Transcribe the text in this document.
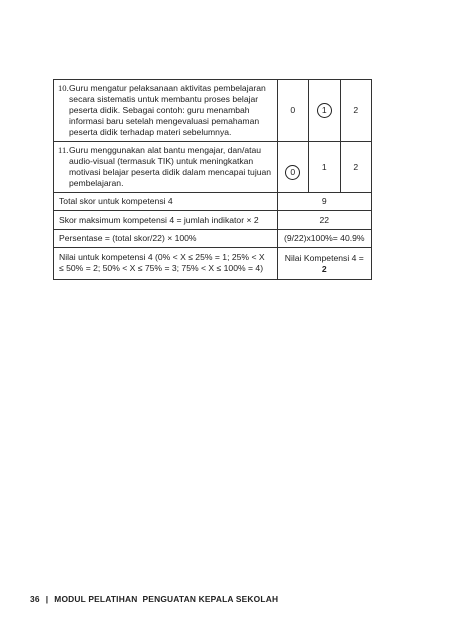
10. Guru mengatur pelaksanaan aktivitas pembelajaran secara sistematis untuk membantu proses belajar peserta didik. Sebagai contoh: guru menambah informasi baru setelah mengevaluasi pemahaman peserta didik terhadap materi sebelumnya.	0	1	2

11. Guru menggunakan alat bantu mengajar, dan/atau audio-visual (termasuk TIK) untuk meningkatkan motivasi belajar peserta didik dalam mencapai tujuan pembelajaran.	0	1	2
Total skor untuk kompetensi 4	9		
Skor maksimum kompetensi 4 = jumlah indikator × 2	22		
Persentase = (total skor/22) × 100%	(9/22)x100%= 40.9%		
Nilai untuk kompetensi 4 (0% < X ≤ 25% = 1; 25% < X ≤ 50% = 2; 50% < X ≤ 75% = 3; 75% < X ≤ 100% = 4)	Nilai Kompetensi 4 = 2		
36 | MODUL PELATIHAN  PENGUATAN KEPALA SEKOLAH
